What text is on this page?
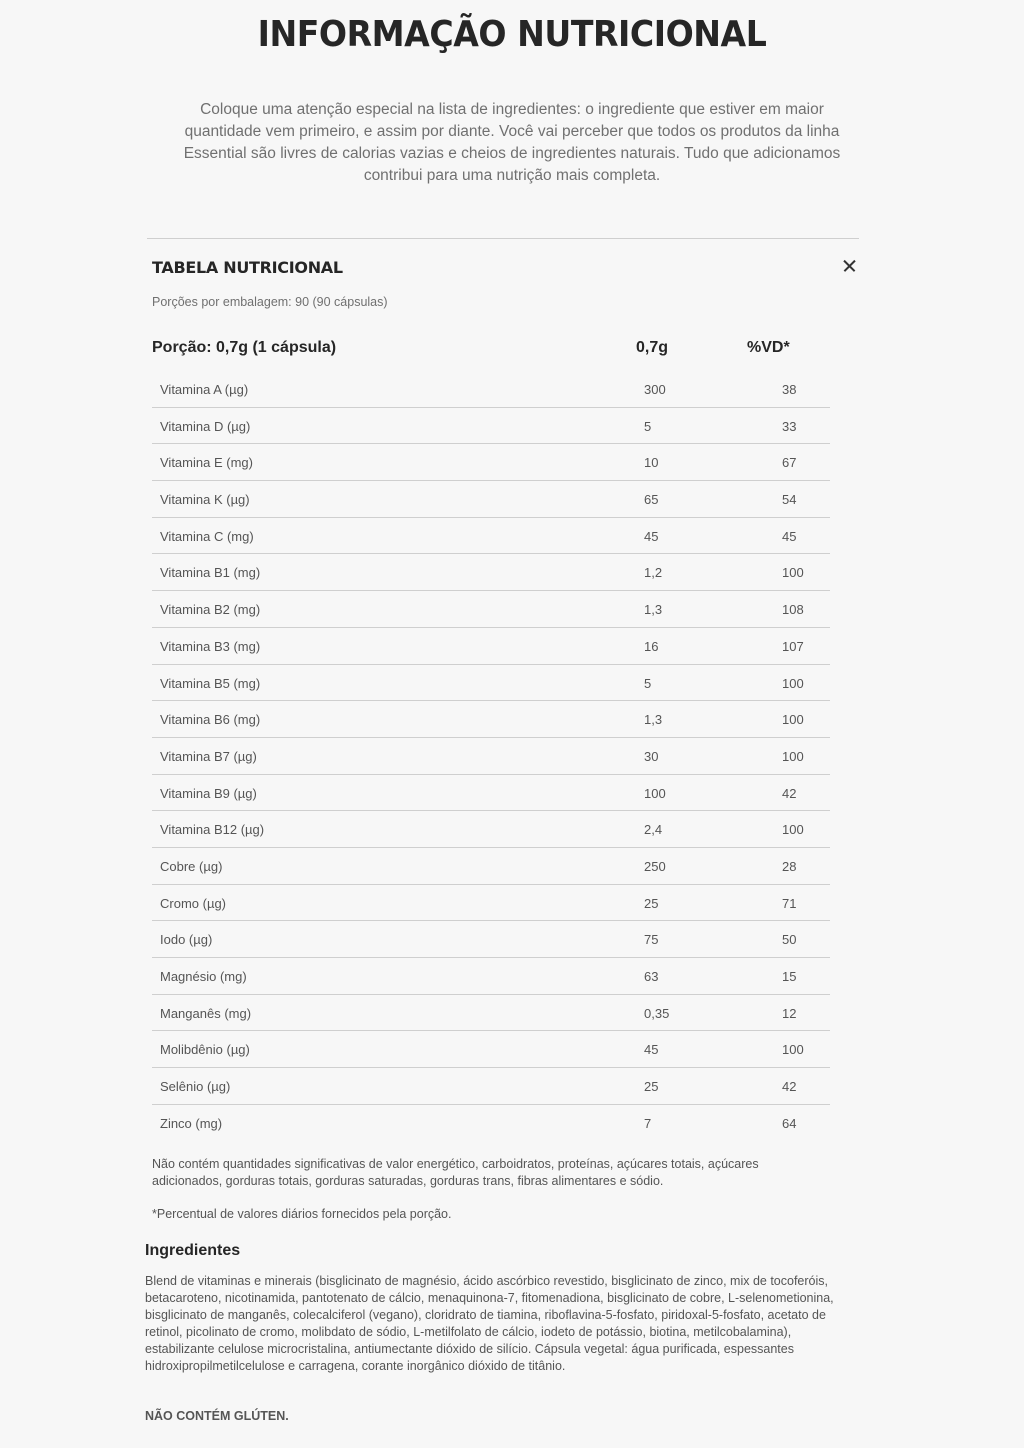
INFORMAÇÃO NUTRICIONAL

Coloque uma atenção especial na lista de ingredientes: o ingrediente que estiver em maior quantidade vem primeiro, e assim por diante. Você vai perceber que todos os produtos da linha Essential são livres de calorias vazias e cheios de ingredientes naturais. Tudo que adicionamos contribui para uma nutrição mais completa.

TABELA NUTRICIONAL
Porções por embalagem: 90 (90 cápsulas)
Porção: 0,7g (1 cápsula)	0,7g	%VD*
Vitamina A (µg)	300	38
Vitamina D (µg)	5	33
Vitamina E (mg)	10	67
Vitamina K (µg)	65	54
Vitamina C (mg)	45	45
Vitamina B1 (mg)	1,2	100
Vitamina B2 (mg)	1,3	108
Vitamina B3 (mg)	16	107
Vitamina B5 (mg)	5	100
Vitamina B6 (mg)	1,3	100
Vitamina B7 (µg)	30	100
Vitamina B9 (µg)	100	42
Vitamina B12 (µg)	2,4	100
Cobre (µg)	250	28
Cromo (µg)	25	71
Iodo (µg)	75	50
Magnésio (mg)	63	15
Manganês (mg)	0,35	12
Molibdênio (µg)	45	100
Selênio (µg)	25	42
Zinco (mg)	7	64

Não contém quantidades significativas de valor energético, carboidratos, proteínas, açúcares totais, açúcares adicionados, gorduras totais, gorduras saturadas, gorduras trans, fibras alimentares e sódio.

*Percentual de valores diários fornecidos pela porção.

Ingredientes

Blend de vitaminas e minerais (bisglicinato de magnésio, ácido ascórbico revestido, bisglicinato de zinco, mix de tocoferóis, betacaroteno, nicotinamida, pantotenato de cálcio, menaquinona-7, fitomenadiona, bisglicinato de cobre, L-selenometionina, bisglicinato de manganês, colecalciferol (vegano), cloridrato de tiamina, riboflavina-5-fosfato, piridoxal-5-fosfato, acetato de retinol, picolinato de cromo, molibdato de sódio, L-metilfolato de cálcio, iodeto de potássio, biotina, metilcobalamina), estabilizante celulose microcristalina, antiumectante dióxido de silício. Cápsula vegetal: água purificada, espessantes hidroxipropilmetilcelulose e carragena, corante inorgânico dióxido de titânio.

NÃO CONTÉM GLÚTEN.
